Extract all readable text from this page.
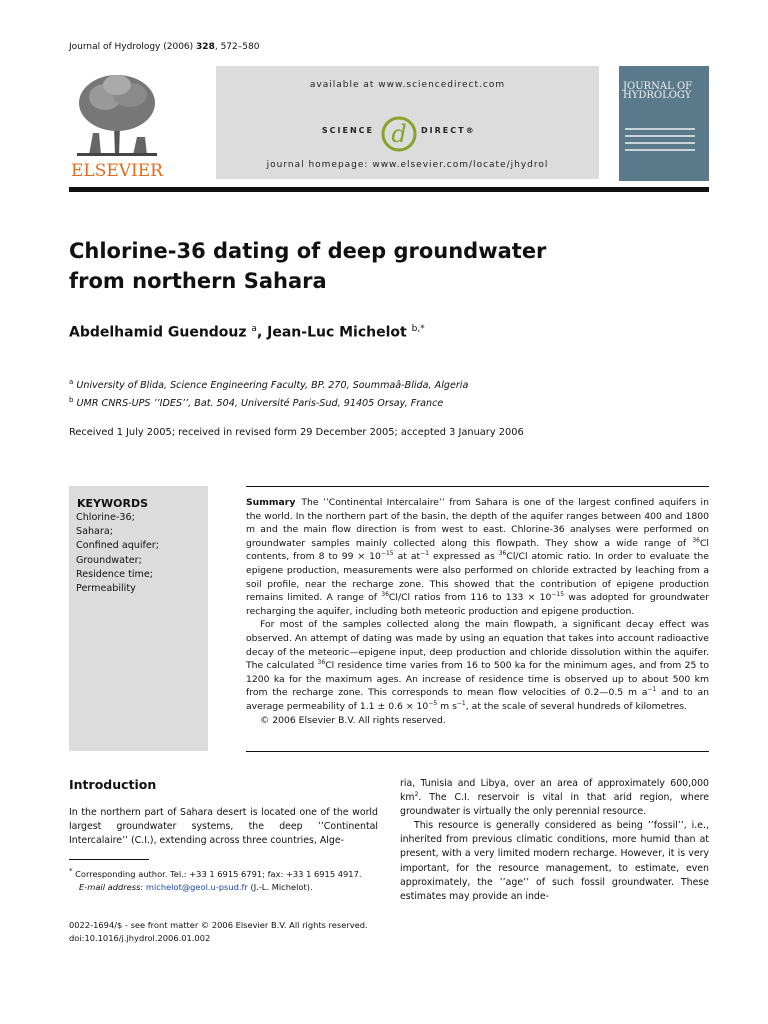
Journal of Hydrology (2006) 328, 572–580
ELSEVIER
available at www.sciencedirect.com
SCIENCE d DIRECT®
journal homepage: www.elsevier.com/locate/jhydrol
JOURNAL OF
HYDROLOGY
Chlorine-36 dating of deep groundwater
from northern Sahara
Abdelhamid Guendouz $^a$, Jean-Luc Michelot $^{b,*}$
$^a$ University of Blida, Science Engineering Faculty, BP. 270, Soummaâ-Blida, Algeria
$^b$ UMR CNRS-UPS ’’IDES’’, Bat. 504, Université Paris-Sud, 91405 Orsay, France
Received 1 July 2005; received in revised form 29 December 2005; accepted 3 January 2006
KEYWORDS
Chlorine-36;
Sahara;
Confined aquifer;
Groundwater;
Residence time;
Permeability

Summary The ’’Continental Intercalaire’’ from Sahara is one of the largest confined aquifers in the world. In the northern part of the basin, the depth of the aquifer ranges between 400 and 1800 m and the main flow direction is from west to east. Chlorine-36 analyses were performed on groundwater samples mainly collected along this flowpath. They show a wide range of $^{36}$Cl contents, from 8 to $99 \times 10^{-15}$ at $at^{-1}$ expressed as $^{36}$Cl/Cl atomic ratio. In order to evaluate the epigene production, measurements were also performed on chloride extracted by leaching from a soil profile, near the recharge zone. This showed that the contribution of epigene production remains limited. A range of $^{36}$Cl/Cl ratios from 116 to $133 \times 10^{-15}$ was adopted for groundwater recharging the aquifer, including both meteoric production and epigene production.

For most of the samples collected along the main flowpath, a significant decay effect was observed. An attempt of dating was made by using an equation that takes into account radioactive decay of the meteoric—epigene input, deep production and chloride dissolution within the aquifer. The calculated $^{36}$Cl residence time varies from 16 to 500 ka for the minimum ages, and from 25 to 1200 ka for the maximum ages. An increase of residence time is observed up to about 500 km from the recharge zone. This corresponds to mean flow velocities of 0.2—0.5 m $a^{-1}$ and to an average permeability of $1.1 \pm 0.6 \times 10^{-5}$ m $s^{-1}$, at the scale of several hundreds of kilometres.

© 2006 Elsevier B.V. All rights reserved.

Introduction

In the northern part of Sahara desert is located one of the world largest groundwater systems, the deep ’’Continental Intercalaire’’ (C.I.), extending across three countries, Alge-

ria, Tunisia and Libya, over an area of approximately 600,000 $km^2$. The C.I. reservoir is vital in that arid region, where groundwater is virtually the only perennial resource.

This resource is generally considered as being ’’fossil’’, i.e., inherited from previous climatic conditions, more humid than at present, with a very limited modern recharge. However, it is very important, for the resource management, to estimate, even approximately, the ’’age’’ of such fossil groundwater. These estimates may provide an inde-

* Corresponding author. Tel.: +33 1 6915 6791; fax: +33 1 6915 4917.

E-mail address: michelot@geol.u-psud.fr (J.-L. Michelot).

0022-1694/$ - see front matter © 2006 Elsevier B.V. All rights reserved.
doi:10.1016/j.jhydrol.2006.01.002
